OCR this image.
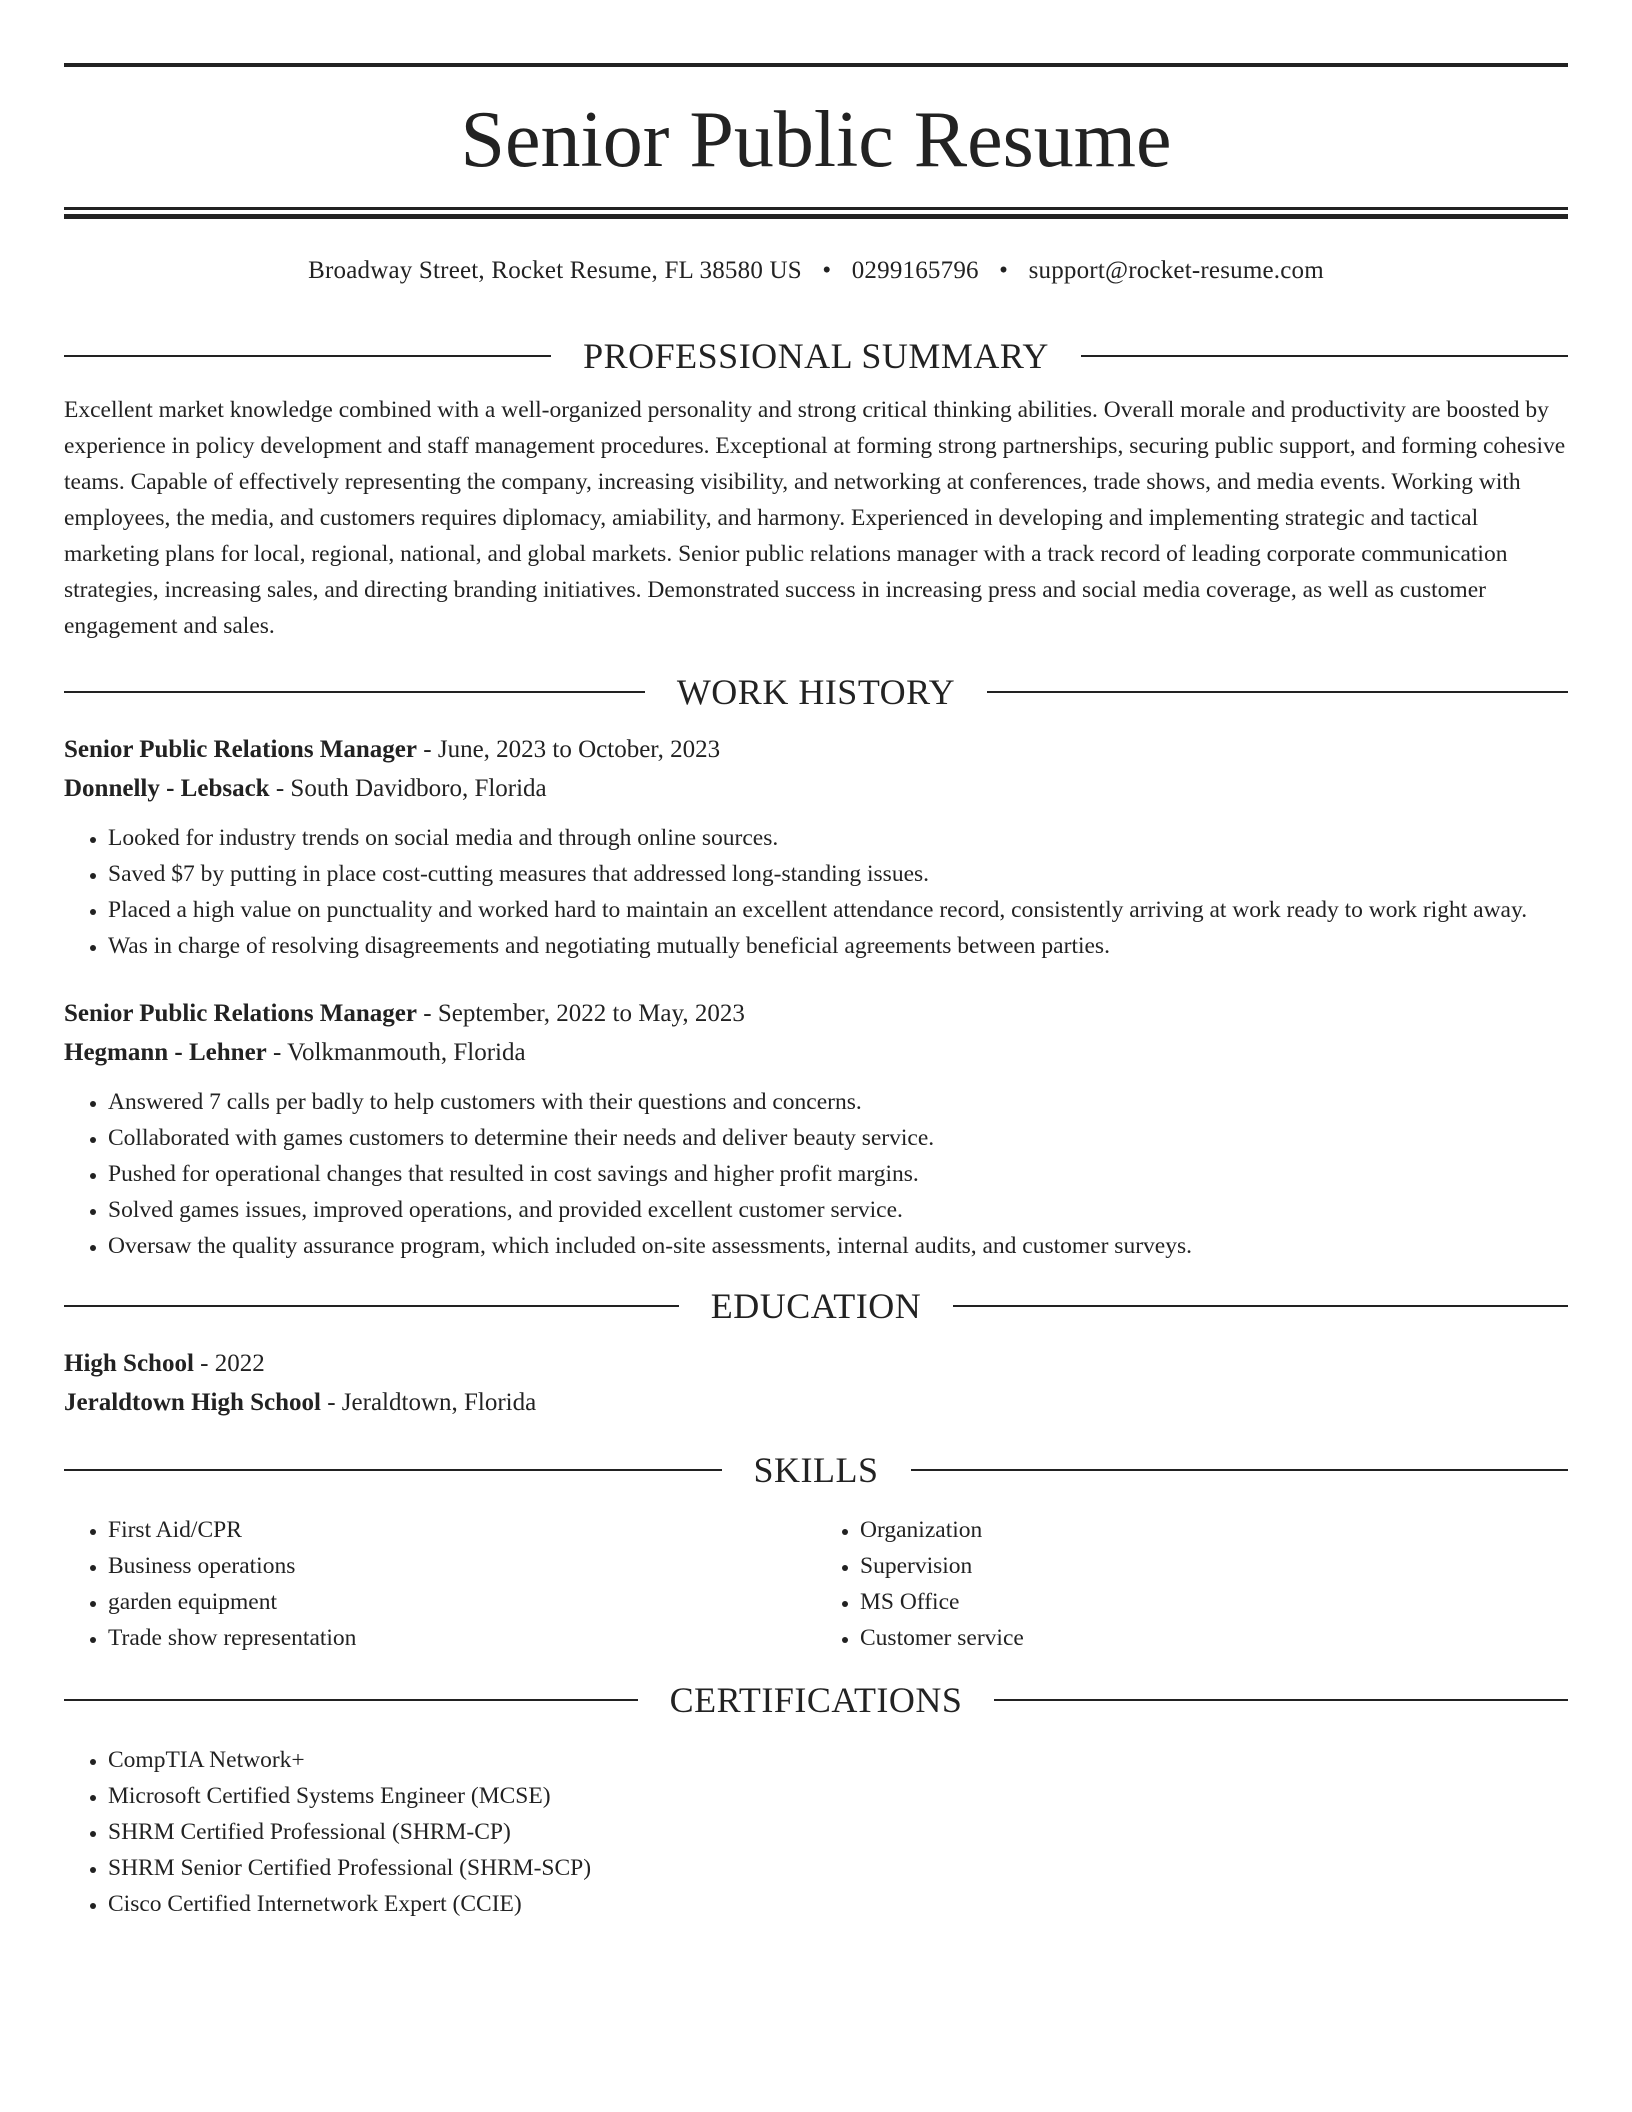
Senior Public Resume
Broadway Street, Rocket Resume, FL 38580 US • 0299165796 • support@rocket-resume.com
PROFESSIONAL SUMMARY

Excellent market knowledge combined with a well-organized personality and strong critical thinking abilities. Overall morale and productivity are boosted by experience in policy development and staff management procedures. Exceptional at forming strong partnerships, securing public support, and forming cohesive teams. Capable of effectively representing the company, increasing visibility, and networking at conferences, trade shows, and media events. Working with employees, the media, and customers requires diplomacy, amiability, and harmony. Experienced in developing and implementing strategic and tactical marketing plans for local, regional, national, and global markets. Senior public relations manager with a track record of leading corporate communication strategies, increasing sales, and directing branding initiatives. Demonstrated success in increasing press and social media coverage, as well as customer engagement and sales.

WORK HISTORY
Senior Public Relations Manager - June, 2023 to October, 2023
Donnelly - Lebsack - South Davidboro, Florida
• Looked for industry trends on social media and through online sources.
• Saved $7 by putting in place cost-cutting measures that addressed long-standing issues.
• Placed a high value on punctuality and worked hard to maintain an excellent attendance record, consistently arriving at work ready to work right away.
• Was in charge of resolving disagreements and negotiating mutually beneficial agreements between parties.
Senior Public Relations Manager - September, 2022 to May, 2023
Hegmann - Lehner - Volkmanmouth, Florida
• Answered 7 calls per badly to help customers with their questions and concerns.
• Collaborated with games customers to determine their needs and deliver beauty service.
• Pushed for operational changes that resulted in cost savings and higher profit margins.
• Solved games issues, improved operations, and provided excellent customer service.
• Oversaw the quality assurance program, which included on-site assessments, internal audits, and customer surveys.
EDUCATION
High School - 2022
Jeraldtown High School - Jeraldtown, Florida
SKILLS
• First Aid/CPR
• Business operations
• garden equipment
• Trade show representation
• Organization
• Supervision
• MS Office
• Customer service
CERTIFICATIONS
• CompTIA Network+
• Microsoft Certified Systems Engineer (MCSE)
• SHRM Certified Professional (SHRM-CP)
• SHRM Senior Certified Professional (SHRM-SCP)
• Cisco Certified Internetwork Expert (CCIE)
